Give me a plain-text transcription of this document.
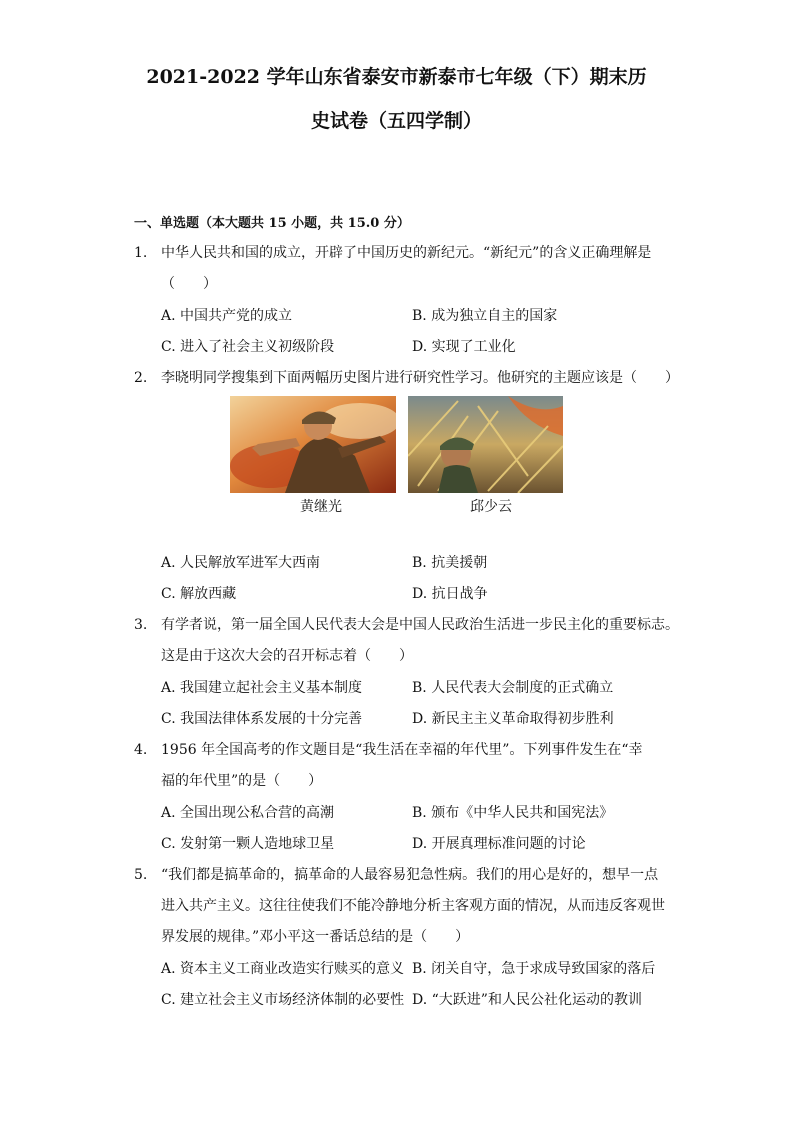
2021-2022 学年山东省泰安市新泰市七年级（下）期末历
史试卷（五四学制）
一、单选题（本大题共 15 小题，共 15.0 分）
1. 中华人民共和国的成立，开辟了中国历史的新纪元。“新纪元”的含义正确理解是
（　　）
A. 中国共产党的成立	B. 成为独立自主的国家
C. 进入了社会主义初级阶段	D. 实现了工业化
2. 李晓明同学搜集到下面两幅历史图片进行研究性学习。他研究的主题应该是（　　）
黄继光	邱少云
A. 人民解放军进军大西南	B. 抗美援朝
C. 解放西藏	D. 抗日战争
3. 有学者说，第一届全国人民代表大会是中国人民政治生活进一步民主化的重要标志。
这是由于这次大会的召开标志着（　　）
A. 我国建立起社会主义基本制度	B. 人民代表大会制度的正式确立
C. 我国法律体系发展的十分完善	D. 新民主主义革命取得初步胜利
4. 1956 年全国高考的作文题目是“我生活在幸福的年代里”。下列事件发生在“幸
福的年代里”的是（　　）
A. 全国出现公私合营的高潮	B. 颁布《中华人民共和国宪法》
C. 发射第一颗人造地球卫星	D. 开展真理标准问题的讨论
5. “我们都是搞革命的，搞革命的人最容易犯急性病。我们的用心是好的，想早一点
进入共产主义。这往往使我们不能冷静地分析主客观方面的情况，从而违反客观世
界发展的规律。”邓小平这一番话总结的是（　　）
A. 资本主义工商业改造实行赎买的意义 B. 闭关自守，急于求成导致国家的落后
C. 建立社会主义市场经济体制的必要性 D. “大跃进”和人民公社化运动的教训
